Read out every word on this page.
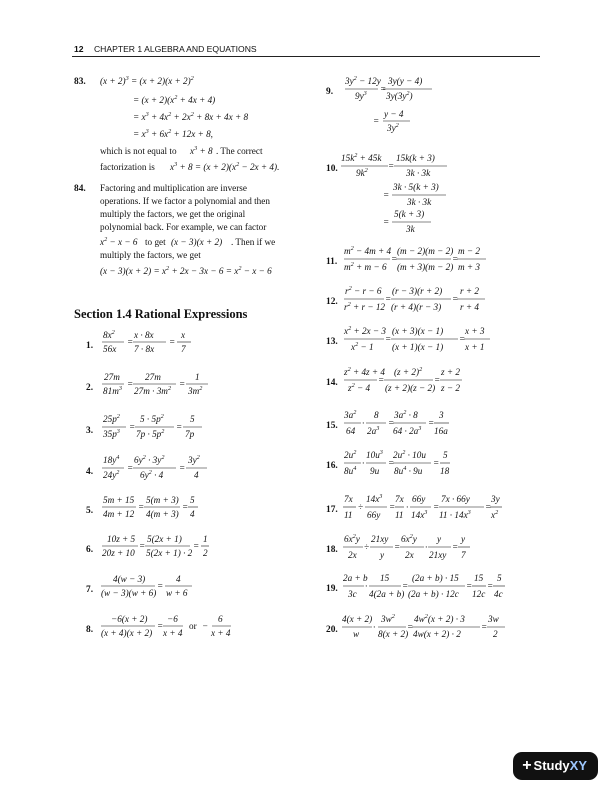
12 CHAPTER 1 ALGEBRA AND EQUATIONS
Section 1.4 Rational Expressions
83.
84.
1.
2.
3.
4.
5.
6.
7.
8.
9.
10.
11.
12.
13.
14.
15.
16.
17.
18.
19.
20.
$(x + 2)^3 = (x + 2)(x + 2)^2$
= $(x + 2)(x^2 + 4x + 4)$
= $x^3 + 4x^2 + 2x^2 + 8x + 4x + 8$
= $x^3 + 6x^2 + 12x + 8$,
which is not equal to $x^3 + 8$ . The correct
factorization is $x^3 + 8 = (x + 2)(x^2 - 2x + 4)$.
Factoring and multiplication are inverse
operations. If we factor a polynomial and then
multiply the factors, we get the original
polynomial back. For example, we can factor
$x^2 - x - 6$ to get (x − 3)(x + 2) . Then if we
multiply the factors, we get
$(x - 3)(x + 2) = x^2 + 2x - 3x - 6 = x^2 - x - 6$
$8x^2$
56x
=
x · 8x
7 · 8x
=
x
7
27m
$81m^3$ =
27m
$27m \cdot 3m^2$ =
1
$3m^2$
$25p^2$
$35p^3$ =
$5 \cdot 5p^2$
$7p \cdot 5p^2$ =
5
7p
$18y^4$
$24y^2$ =
$6y^2 \cdot 3y^2$
$6y^2 \cdot 4$
=
$3y^2$
4
5m + 15
4m + 12
=
5(m + 3)
4(m + 3)
=
5
4
10z + 5
20z + 10
=
5(2x + 1)
5(2x + 1) · 2
=
1
2
4(w − 3)
(w − 3)(w + 6)
=
4
w + 6
−6(x + 2)
(x + 4)(x + 2)
=
−6
x + 4
or −
6
x + 4
$3y^2 - 12y$
$9y^3$ =
3y(y − 4)
$3y(3y^2)$
=
y − 4
$3y^2$
$15k^2 + 45k$
$9k^2$ =
15k(k + 3)
3k · 3k
=
3k · 5(k + 3)
3k · 3k
=
5(k + 3)
3k
$m^2 - 4m + 4$
$m^2 + m - 6$
=
(m − 2)(m − 2)
(m + 3)(m − 2)
=
m − 2
m + 3
$r^2 - r - 6$
$r^2 + r - 12$
=
(r − 3)(r + 2)
(r + 4)(r − 3)
=
r + 2
r + 4
$x^2 + 2x - 3$
$x^2 - 1$
=
(x + 3)(x − 1)
(x + 1)(x − 1)
=
x + 3
x + 1
$z^2 + 4z + 4$
$z^2 - 4$
=
$(z + 2)^2$
(z + 2)(z − 2)
=
z + 2
z − 2
$3a^2$
64
·
8
$2a^3$
=
$3a^2 \cdot 8$
$64 \cdot 2a^3$
=
3
16a
$2u^2$
$8u^4$
·
$10u^3$
9u
=
$2u^2 \cdot 10u$
$8u^4 \cdot 9u$
=
5
18
7x
11
÷
$14x^3$
66y
=
7x
11
·
66y
$14x^3$
=
7x · 66y
$11 \cdot 14x^3$
=
3y
$x^2$
$6x^2y$
2x
÷
21xy
y
=
$6x^2y$
2x
·
y
21xy
=
y
7
2a + b
3c
·
15
4(2a + b)
=
(2a + b) · 15
(2a + b) · 12c
=
15
12c
=
5
4c
4(x + 2)
w
·
$3w^2$
8(x + 2)
=
$4w^2(x + 2) \cdot 3$
4w(x + 2) · 2
=
3w
2
+ StudyXY
